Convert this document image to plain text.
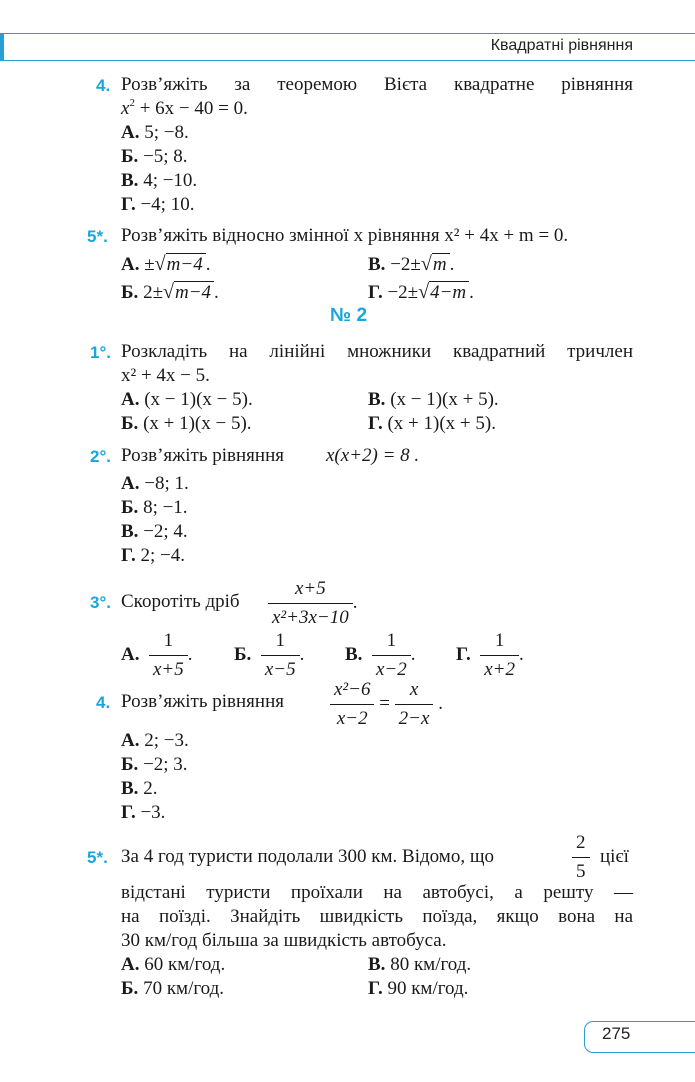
Квадратні рівняння
4. Розв’яжіть за теоремою Вієта квадратне рівняння
$x^2 + 6x - 40 = 0$.
А. 5; −8.
Б. −5; 8.
В. 4; −10.
Г. −4; 10.
5*. Розв’яжіть відносно змінної x рівняння x² + 4x + m = 0.
А. ±√m−4 .	В. −2±√m .
Б. 2±√m−4 .	Г. −2±√4−m .
№ 2
1°. Розкладіть на лінійні множники квадратний тричлен
x² + 4x − 5.
А. (x − 1)(x − 5).	В. (x − 1)(x + 5).
Б. (x + 1)(x − 5).	Г. (x + 1)(x + 5).
2°. Розв’яжіть рівняння x(x+2) = 8 .
А. −8; 1.
Б. 8; −1.
В. −2; 4.
Г. 2; −4.
3°. Скоротіть дріб $\frac{x+5}{\text{x²+3x−10}}$ .
А. $\frac{1}{x+5}$ . Б. $\frac{1}{x-5}$ . В. $\frac{1}{x-2}$ . Г. $\frac{1}{x+2}$ .
4. Розв’яжіть рівняння $\frac{\text{x²−6}}{x-2} = \frac{x}{2-x}$ .
А. 2; −3.
Б. −2; 3.
В. 2.
Г. −3.
5*. За 4 год туристи подолали 300 км. Відомо, що	$\frac{2}{5}$ цієї
відстані туристи проїхали на автобусі, а решту —
на поїзді. Знайдіть швидкість поїзда, якщо вона на
30 км/год більша за швидкість автобуса.
А. 60 км/год.	В. 80 км/год.
Б. 70 км/год.	Г. 90 км/год.
275
